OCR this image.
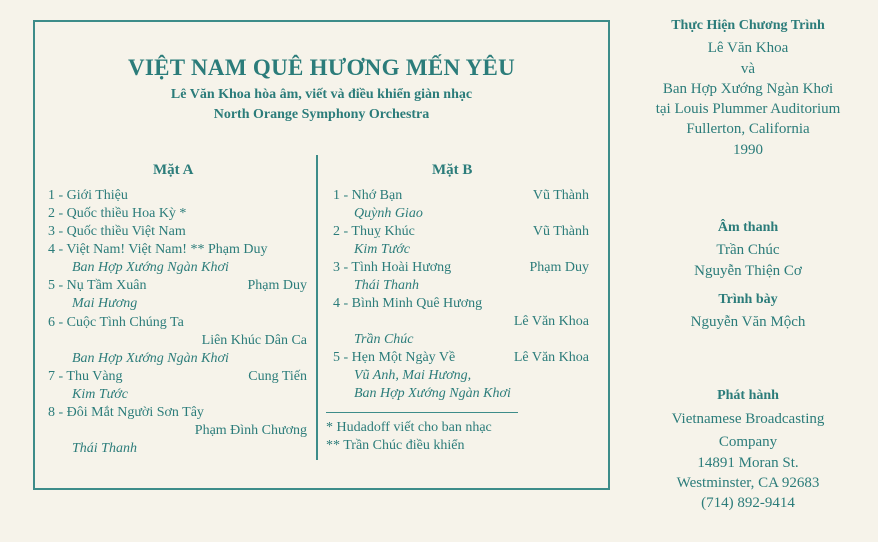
VIỆT NAM QUÊ HƯƠNG MẾN YÊU
Lê Văn Khoa hòa âm, viết và điều khiển giàn nhạc
North Orange Symphony Orchestra
Mặt A
1 - Giới Thiệu
2 - Quốc thiều Hoa Kỳ *
3 - Quốc thiều Việt Nam
4 - Việt Nam! Việt Nam! ** Phạm Duy
Ban Hợp Xướng Ngàn Khơi
5 - Nụ Tầm Xuân	Phạm Duy
Mai Hương
6 - Cuộc Tình Chúng Ta
Liên Khúc Dân Ca
Ban Hợp Xướng Ngàn Khơi
7 - Thu Vàng	Cung Tiến
Kim Tước
8 - Đôi Mắt Người Sơn Tây
Phạm Đình Chương
Thái Thanh
Mặt B
1 - Nhớ Bạn	Vũ Thành
Quỳnh Giao
2 - Thuỵ Khúc	Vũ Thành
Kim Tước
3 - Tình Hoài Hương	Phạm Duy
Thái Thanh
4 - Bình Minh Quê Hương
Lê Văn Khoa
Trần Chúc
5 - Hẹn Một Ngày Về	Lê Văn Khoa
Vũ Anh, Mai Hương,
Ban Hợp Xướng Ngàn Khơi
* Hudadoff viết cho ban nhạc
** Trần Chúc điều khiển
Thực Hiện Chương Trình
Lê Văn Khoa
và
Ban Hợp Xướng Ngàn Khơi
tại Louis Plummer Auditorium
Fullerton, California
1990
Âm thanh
Trần Chúc
Nguyễn Thiện Cơ
Trình bày
Nguyễn Văn Mộch
Phát hành
Vietnamese Broadcasting
Company
14891 Moran St.
Westminster, CA 92683
(714) 892-9414
